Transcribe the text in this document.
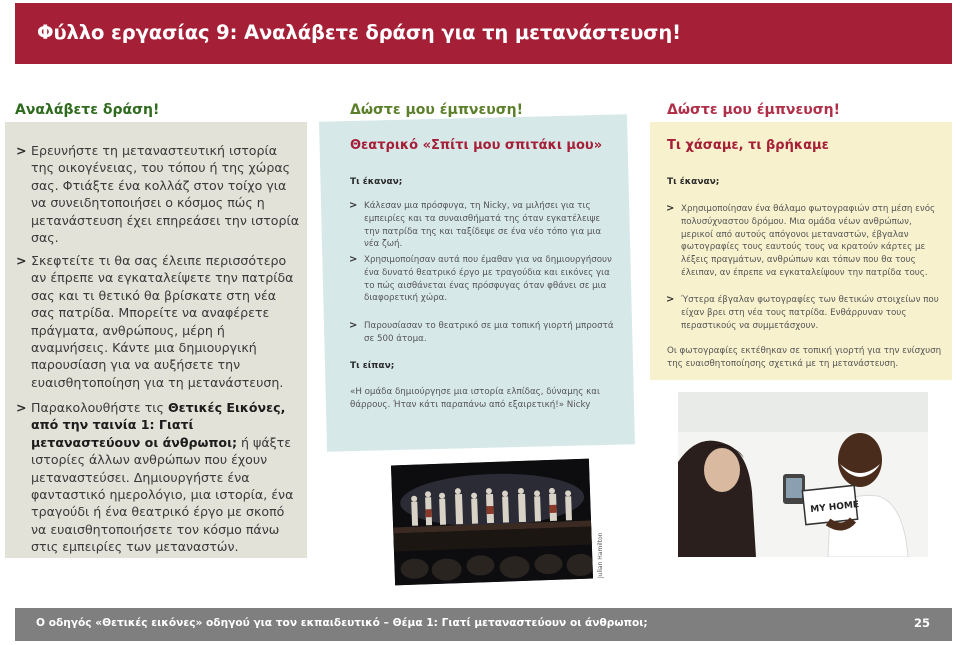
Φύλλο εργασίας 9: Αναλάβετε δράση για τη μετανάστευση!
Αναλάβετε δράση!
> Ερευνήστε τη μεταναστευτική ιστορία της οικογένειας, του τόπου ή της χώρας σας. Φτιάξτε ένα κολλάζ στον τοίχο για να συνειδητοποιήσει ο κόσμος πώς η μετανάστευση έχει επηρεάσει την ιστορία σας.
> Σκεφτείτε τι θα σας έλειπε περισσότερο αν έπρεπε να εγκαταλείψετε την πατρίδα σας και τι θετικό θα βρίσκατε στη νέα σας πατρίδα. Μπορείτε να αναφέρετε πράγματα, ανθρώπους, μέρη ή αναμνήσεις. Κάντε μια δημιουργική παρουσίαση για να αυξήσετε την ευαισθητοποίηση για τη μετανάστευση.
> Παρακολουθήστε τις Θετικές Εικόνες, από την ταινία 1: Γιατί μεταναστεύουν οι άνθρωποι; ή ψάξτε ιστορίες άλλων ανθρώπων που έχουν μεταναστεύσει. Δημιουργήστε ένα φανταστικό ημερολόγιο, μια ιστορία, ένα τραγούδι ή ένα θεατρικό έργο με σκοπό να ευαισθητοποιήσετε τον κόσμο πάνω στις εμπειρίες των μεταναστών.
Δώστε μου έμπνευση!
Θεατρικό «Σπίτι μου σπιτάκι μου»
Τι έκαναν;
> Κάλεσαν μια πρόσφυγα, τη Nicky, να μιλήσει για τις εμπειρίες και τα συναισθήματά της όταν εγκατέλειψε την πατρίδα της και ταξίδεψε σε ένα νέο τόπο για μια νέα ζωή.
> Χρησιμοποίησαν αυτά που έμαθαν για να δημιουργήσουν ένα δυνατό θεατρικό έργο με τραγούδια και εικόνες για το πώς αισθάνεται ένας πρόσφυγας όταν φθάνει σε μια διαφορετική χώρα.
> Παρουσίασαν το θεατρικό σε μια τοπική γιορτή μπροστά σε 500 άτομα.
Τι είπαν;
«Η ομάδα δημιούργησε μια ιστορία ελπίδας, δύναμης και θάρρους. Ήταν κάτι παραπάνω από εξαιρετική!» Nicky
Julian Hamilton
Δώστε μου έμπνευση!
Τι χάσαμε, τι βρήκαμε
Τι έκαναν;
> Χρησιμοποίησαν ένα θάλαμο φωτογραφιών στη μέση ενός πολυσύχναστου δρόμου. Μια ομάδα νέων ανθρώπων, μερικοί από αυτούς απόγονοι μεταναστών, έβγαλαν φωτογραφίες τους εαυτούς τους να κρατούν κάρτες με λέξεις πραγμάτων, ανθρώπων και τόπων που θα τους έλειπαν, αν έπρεπε να εγκαταλείψουν την πατρίδα τους.
> Ύστερα έβγαλαν φωτογραφίες των θετικών στοιχείων που είχαν βρει στη νέα τους πατρίδα. Ενθάρρυναν τους περαστικούς να συμμετάσχουν.
Οι φωτογραφίες εκτέθηκαν σε τοπική γιορτή για την ενίσχυση της ευαισθητοποίησης σχετικά με τη μετανάστευση.
MY HOME
Ο οδηγός «Θετικές εικόνες» οδηγού για τον εκπαιδευτικό – Θέμα 1: Γιατί μεταναστεύουν οι άνθρωποι;	25
